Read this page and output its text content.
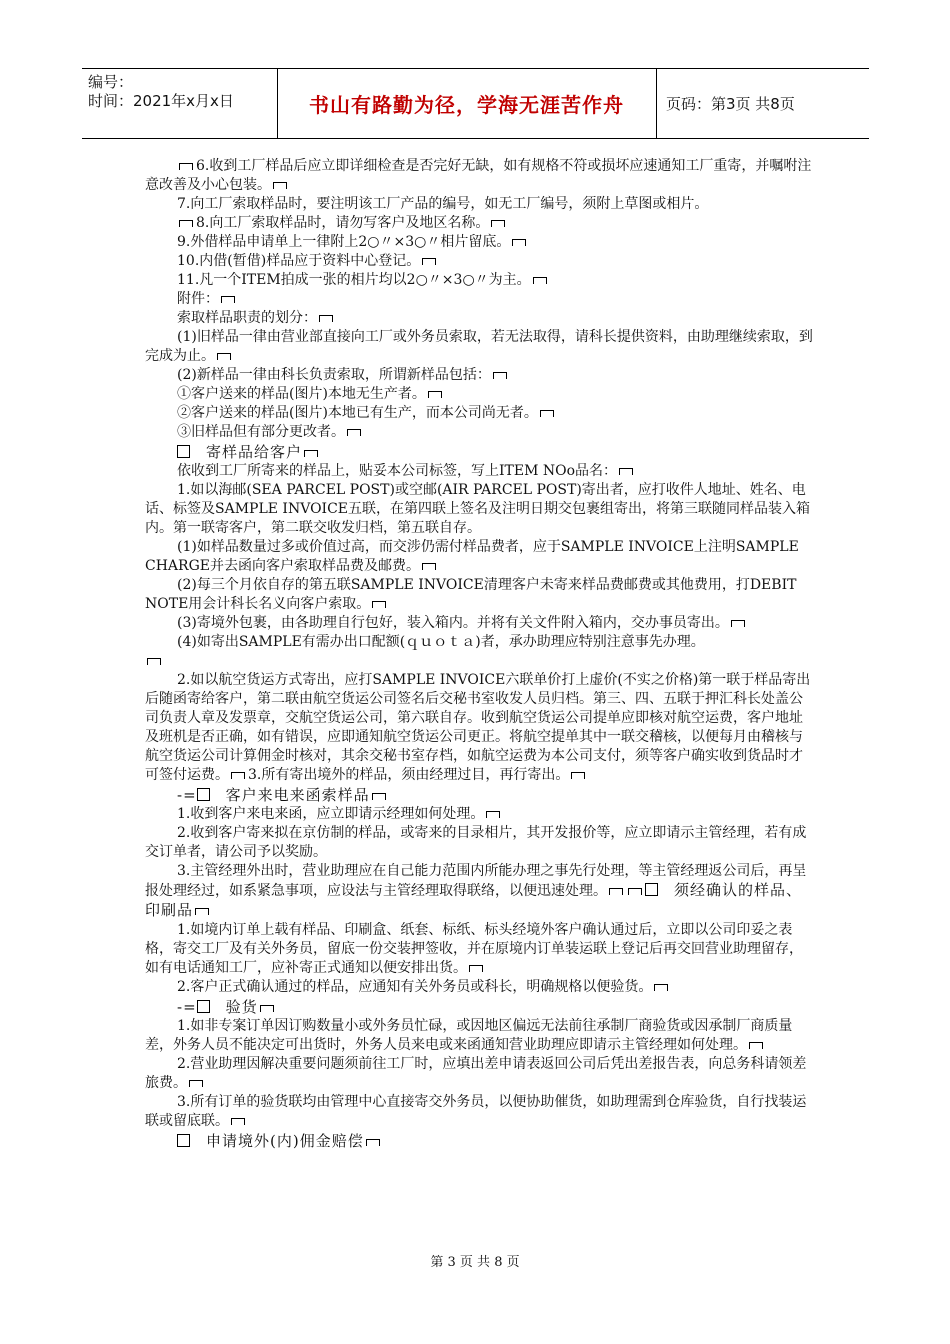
编号：
时间：2021年x月x日	书山有路勤为径，学海无涯苦作舟	页码：第3页 共8页

6.收到工厂样品后应立即详细检查是否完好无缺，如有规格不符或损坏应速通知工厂重寄，并嘱咐注意改善及小心包装。

7.向工厂索取样品时，要注明该工厂产品的编号，如无工厂编号，须附上草图或相片。

8.向工厂索取样品时，请勿写客户及地区名称。

9.外借样品申请单上一律附上2○〃×3○〃相片留底。

10.内借(暂借)样品应于资料中心登记。

11.凡一个ITEM拍成一张的相片均以2○〃×3○〃为主。

附件：

索取样品职责的划分：

(1)旧样品一律由营业部直接向工厂或外务员索取，若无法取得，请科长提供资料，由助理继续索取，到完成为止。

(2)新样品一律由科长负责索取，所谓新样品包括：

①客户送来的样品(图片)本地无生产者。

②客户送来的样品(图片)本地已有生产，而本公司尚无者。

③旧样品但有部分更改者。

寄样品给客户

依收到工厂所寄来的样品上，贴妥本公司标签，写上ITEM NOo品名：

1.如以海邮(SEA PARCEL POST)或空邮(AIR PARCEL POST)寄出者，应打收件人地址、姓名、电话、标签及SAMPLE INVOICE五联，在第四联上签名及注明日期交包裹组寄出，将第三联随同样品装入箱内。第一联寄客户，第二联交收发归档，第五联自存。

(1)如样品数量过多或价值过高，而交涉仍需付样品费者，应于SAMPLE INVOICE上注明SAMPLE CHARGE并去函向客户索取样品费及邮费。

(2)每三个月依自存的第五联SAMPLE INVOICE清理客户未寄来样品费邮费或其他费用，打DEBIT NOTE用会计科长名义向客户索取。

(3)寄境外包裹，由各助理自行包好，装入箱内。并将有关文件附入箱内，交办事员寄出。

(4)如寄出SAMPLE有需办出口配额(ｑｕｏｔａ)者，承办助理应特别注意事先办理。

2.如以航空货运方式寄出，应打SAMPLE INVOICE六联单价打上虚价(不实之价格)第一联于样品寄出后随函寄给客户，第二联由航空货运公司签名后交秘书室收发人员归档。第三、四、五联于押汇科长处盖公司负责人章及发票章，交航空货运公司，第六联自存。收到航空货运公司提单应即核对航空运费，客户地址及班机是否正确，如有错误，应即通知航空货运公司更正。将航空提单其中一联交稽核，以便每月由稽核与航空货运公司计算佣金时核对，其余交秘书室存档，如航空运费为本公司支付，须等客户确实收到货品时才可签付运费。 3.所有寄出境外的样品，须由经理过目，再行寄出。

-= 客户来电来函索样品

1.收到客户来电来函，应立即请示经理如何处理。

2.收到客户寄来拟在京仿制的样品，或寄来的目录相片，其开发报价等，应立即请示主管经理，若有成交订单者，请公司予以奖励。

3.主管经理外出时，营业助理应在自己能力范围内所能办理之事先行处理，等主管经理返公司后，再呈报处理经过，如系紧急事项，应设法与主管经理取得联络，以便迅速处理。	须经确认的样品、印刷品

1.如境内订单上载有样品、印刷盒、纸套、标纸、标头经境外客户确认通过后，立即以公司印妥之表格，寄交工厂及有关外务员，留底一份交装押签收，并在原境内订单装运联上登记后再交回营业助理留存，如有电话通知工厂，应补寄正式通知以便安排出货。

2.客户正式确认通过的样品，应通知有关外务员或科长，明确规格以便验货。

-= 验货

1.如非专案订单因订购数量小或外务员忙碌，或因地区偏远无法前往承制厂商验货或因承制厂商质量差，外务人员不能决定可出货时，外务人员来电或来函通知营业助理应即请示主管经理如何处理。

2.营业助理因解决重要问题须前往工厂时，应填出差申请表返回公司后凭出差报告表，向总务科请领差旅费。

3.所有订单的验货联均由管理中心直接寄交外务员，以便协助催货，如助理需到仓库验货，自行找装运联或留底联。

申请境外(内)佣金赔偿

第 3 页 共 8 页
